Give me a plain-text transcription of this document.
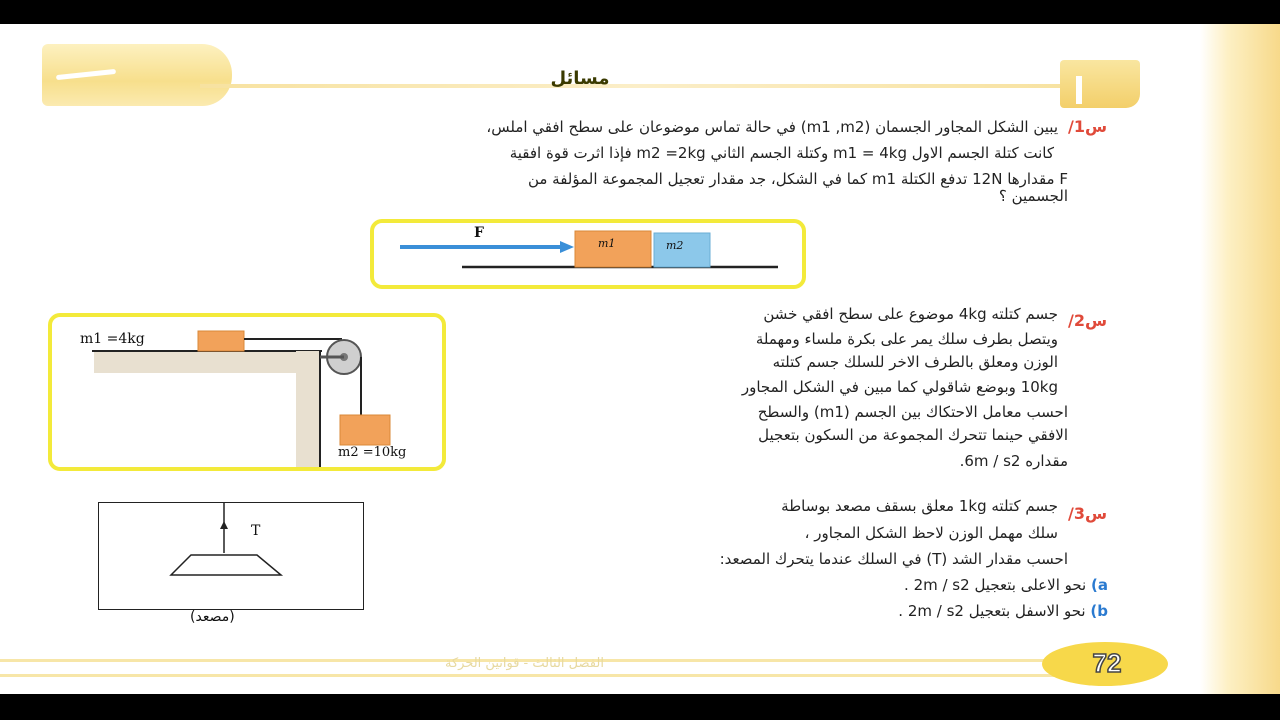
مسائل
س1/
يبين الشكل المجاور الجسمان (m1 ,m2) في حالة تماس موضوعان على سطح افقي املس،
كانت كتلة الجسم الاول m1 = 4kg وكتلة الجسم الثاني m2 =2kg فإذا اثرت قوة افقية
F مقدارها 12N تدفع الكتلة m1 كما في الشكل، جد مقدار تعجيل المجموعة المؤلفة من
الجسمين ؟
F
m1	m2
س2/
جسم كتلته 4kg موضوع على سطح افقي خشن
ويتصل بطرف سلك يمر على بكرة ملساء ومهملة
الوزن ومعلق بالطرف الاخر للسلك جسم كتلته
10kg وبوضع شاقولي كما مبين في الشكل المجاور
احسب معامل الاحتكاك بين الجسم (m1) والسطح
الافقي حينما تتحرك المجموعة من السكون بتعجيل
مقداره 6m / s2.
m1 =4kg
m2 =10kg
س3/
جسم كتلته 1kg معلق بسقف مصعد بوساطة
سلك مهمل الوزن لاحظ الشكل المجاور ،
احسب مقدار الشد (T) في السلك عندما يتحرك المصعد:
a) نحو الاعلى بتعجيل 2m / s2 .
b) نحو الاسفل بتعجيل 2m / s2 .
T
(مصعد)
الفصل الثالث - قوانين الحركة	72
